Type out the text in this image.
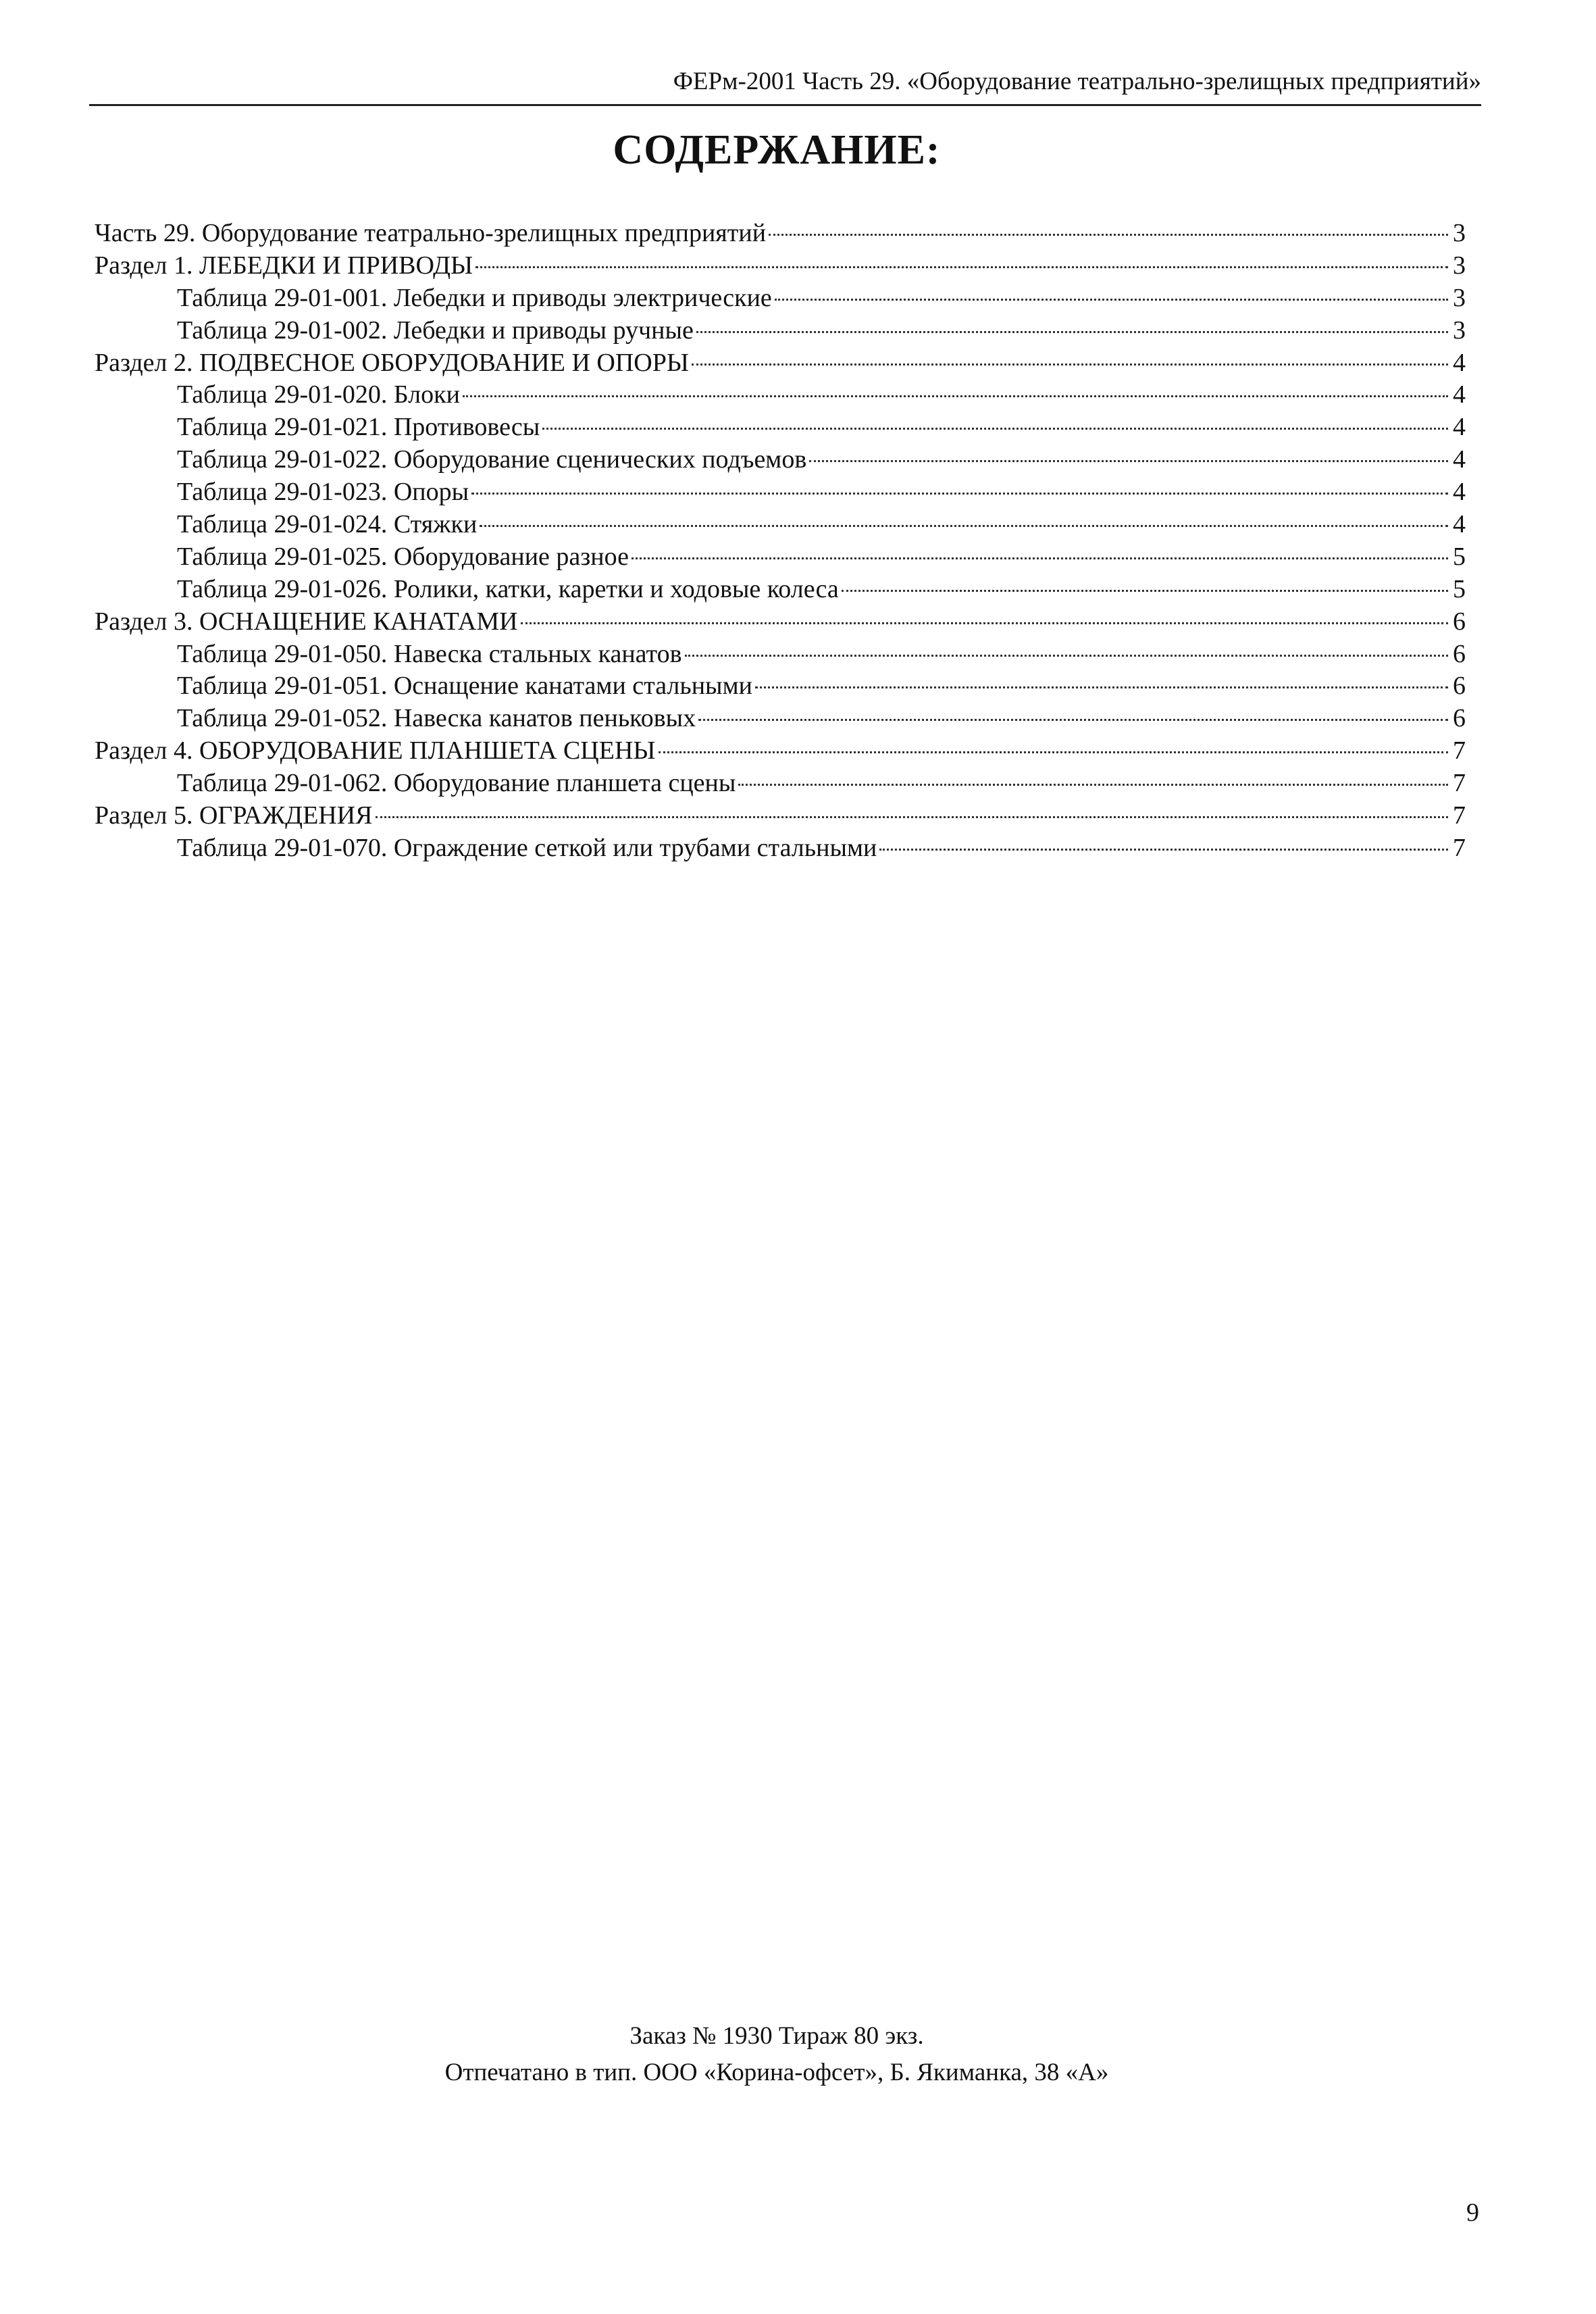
ФЕРм-2001 Часть 29. «Оборудование театрально-зрелищных предприятий»
СОДЕРЖАНИЕ:
Часть 29. Оборудование театрально-зрелищных предприятий	3
Раздел 1. ЛЕБЕДКИ И ПРИВОДЫ	3
Таблица 29-01-001. Лебедки и приводы электрические	3
Таблица 29-01-002. Лебедки и приводы ручные	3
Раздел 2. ПОДВЕСНОЕ ОБОРУДОВАНИЕ И ОПОРЫ	4
Таблица 29-01-020. Блоки	4
Таблица 29-01-021. Противовесы	4
Таблица 29-01-022. Оборудование сценических подъемов	4
Таблица 29-01-023. Опоры	4
Таблица 29-01-024. Стяжки	4
Таблица 29-01-025. Оборудование разное	5
Таблица 29-01-026. Ролики, катки, каретки и ходовые колеса	5
Раздел 3. ОСНАЩЕНИЕ КАНАТАМИ	6
Таблица 29-01-050. Навеска стальных канатов	6
Таблица 29-01-051. Оснащение канатами стальными	6
Таблица 29-01-052. Навеска канатов пеньковых	6
Раздел 4. ОБОРУДОВАНИЕ ПЛАНШЕТА СЦЕНЫ	7
Таблица 29-01-062. Оборудование планшета сцены	7
Раздел 5. ОГРАЖДЕНИЯ	7
Таблица 29-01-070. Ограждение сеткой или трубами стальными	7
Заказ № 1930 Тираж 80 экз.
Отпечатано в тип. ООО «Корина-офсет», Б. Якиманка, 38 «А»
9
